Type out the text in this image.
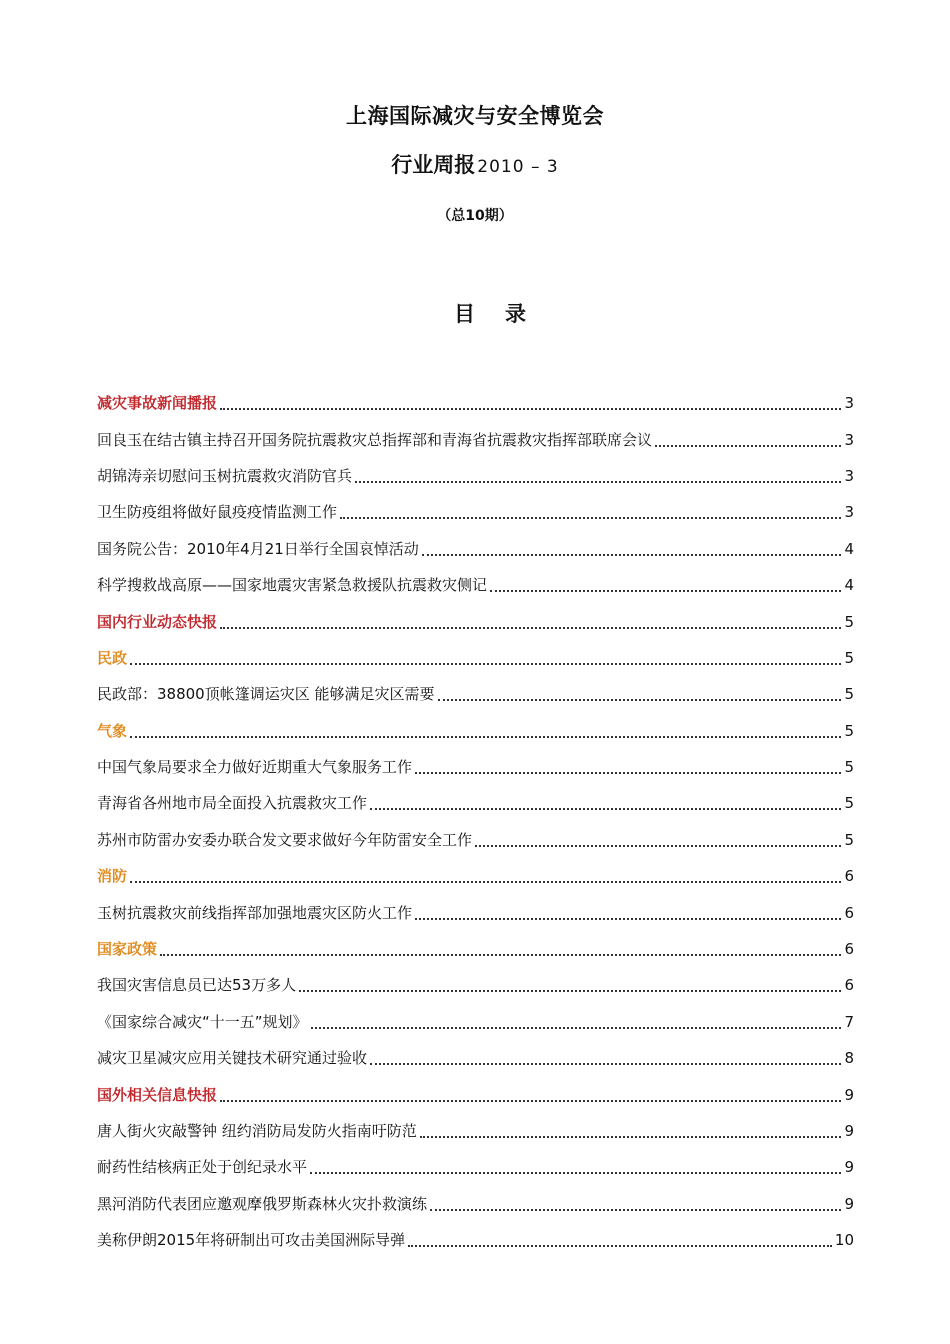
上海国际减灾与安全博览会
行业周报 2010 – 3
（总10期）
目录
减灾事故新闻播报	3
回良玉在结古镇主持召开国务院抗震救灾总指挥部和青海省抗震救灾指挥部联席会议	3
胡锦涛亲切慰问玉树抗震救灾消防官兵	3
卫生防疫组将做好鼠疫疫情监测工作	3
国务院公告：2010年4月21日举行全国哀悼活动	4
科学搜救战高原——国家地震灾害紧急救援队抗震救灾侧记	4
国内行业动态快报	5
民政	5
民政部：38800顶帐篷调运灾区 能够满足灾区需要	5
气象	5
中国气象局要求全力做好近期重大气象服务工作	5
青海省各州地市局全面投入抗震救灾工作	5
苏州市防雷办安委办联合发文要求做好今年防雷安全工作	5
消防	6
玉树抗震救灾前线指挥部加强地震灾区防火工作	6
国家政策	6
我国灾害信息员已达53万多人	6
《国家综合减灾“十一五”规划》	7
减灾卫星减灾应用关键技术研究通过验收	8
国外相关信息快报	9
唐人街火灾敲警钟 纽约消防局发防火指南吁防范	9
耐药性结核病正处于创纪录水平	9
黑河消防代表团应邀观摩俄罗斯森林火灾扑救演练	9
美称伊朗2015年将研制出可攻击美国洲际导弹	10
